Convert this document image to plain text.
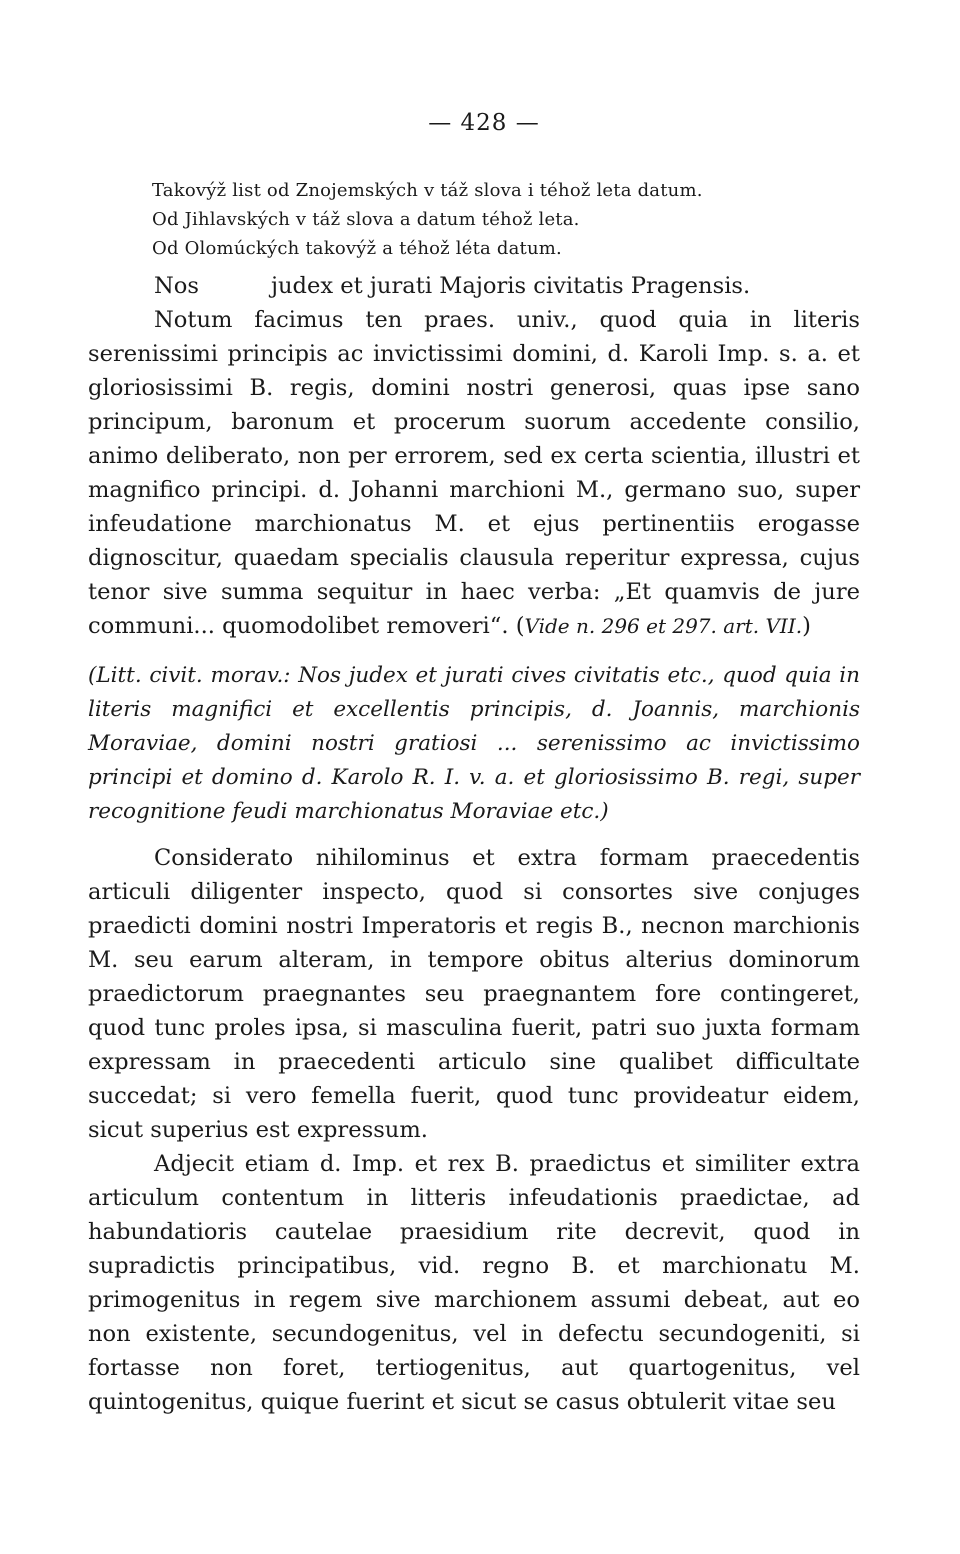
— 428 —
Takovýž list od Znojemských v táž slova i téhož leta datum.
Od Jihlavských v táž slova a datum téhož leta.
Od Olomúckých takovýž a téhož léta datum.

Nos	judex et jurati Majoris civitatis Pragensis.

Notum facimus ten praes. univ., quod quia in literis serenissimi principis ac invictissimi domini, d. Karoli Imp. s. a. et gloriosissimi B. regis, domini nostri generosi, quas ipse sano principum, baronum et procerum suorum accedente consilio, animo deliberato, non per errorem, sed ex certa scientia, illustri et magnifico principi. d. Johanni marchioni M., germano suo, super infeudatione marchionatus M. et ejus pertinentiis erogasse dignoscitur, quaedam specialis clausula reperitur expressa, cujus tenor sive summa sequitur in haec verba: „Et quamvis de jure communi... quomodolibet removeri“. (Vide n. 296 et 297. art. VII.)

(Litt. civit. morav.: Nos judex et jurati cives civitatis etc., quod quia in literis magnifici et excellentis principis, d. Joannis, marchionis Moraviae, domini nostri gratiosi ... serenissimo ac invictissimo principi et domino d. Karolo R. I. v. a. et gloriosissimo B. regi, super recognitione feudi marchionatus Moraviae etc.)

Considerato nihilominus et extra formam praecedentis articuli diligenter inspecto, quod si consortes sive conjuges praedicti domini nostri Imperatoris et regis B., necnon marchionis M. seu earum alteram, in tempore obitus alterius dominorum praedictorum praegnantes seu praegnantem fore contingeret, quod tunc proles ipsa, si masculina fuerit, patri suo juxta formam expressam in praecedenti articulo sine qualibet difficultate succedat; si vero femella fuerit, quod tunc provideatur eidem, sicut superius est expressum.

Adjecit etiam d. Imp. et rex B. praedictus et similiter extra articulum contentum in litteris infeudationis praedictae, ad habundatioris cautelae praesidium rite decrevit, quod in supradictis principatibus, vid. regno B. et marchionatu M. primogenitus in regem sive marchionem assumi debeat, aut eo non existente, secundogenitus, vel in defectu secundogeniti, si fortasse non foret, tertiogenitus, aut quartogenitus, vel quintogenitus, quique fuerint et sicut se casus obtulerit vitae seu
